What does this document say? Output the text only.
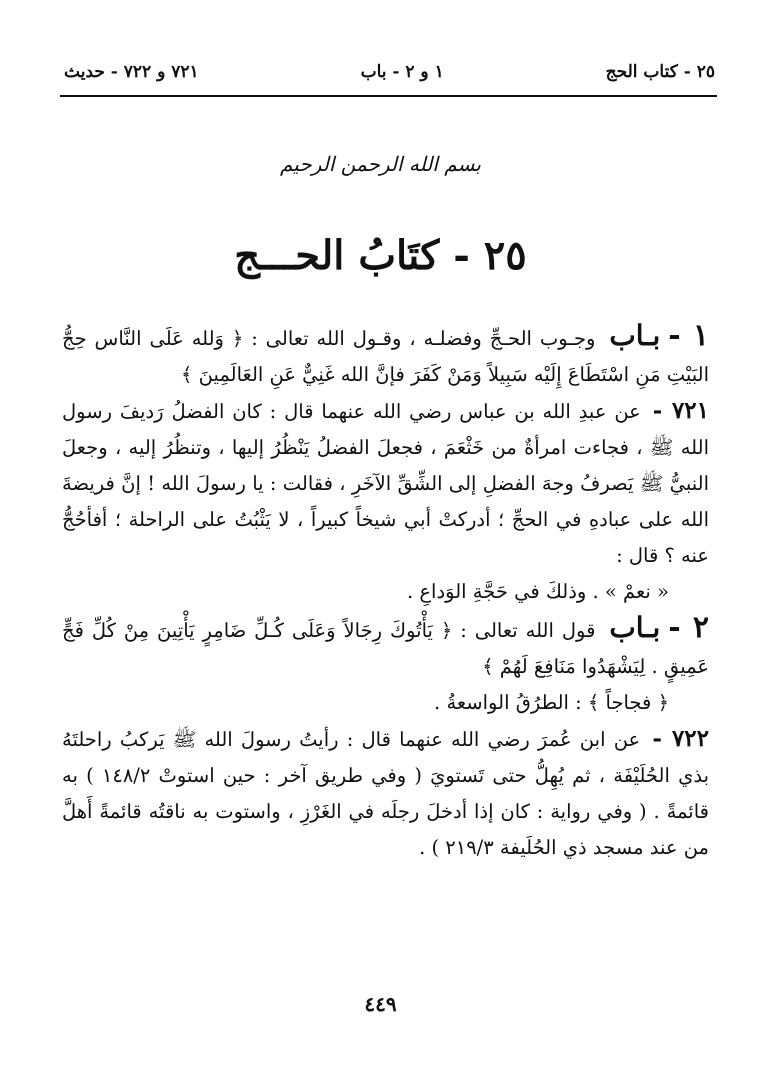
٢٥ - كتاب الحج
١ و ٢ - باب
٧٢١ و ٧٢٢ - حديث
بسم الله الرحمن الرحيم
٢٥ - كتَابُ الحـــج

١ -بـاب وجـوب الحـجِّ وفضلـه ، وقـول الله تعالى : ﴿ وَلله عَلَى النَّاس حِجُّ البَيْتِ مَنِ اسْتَطَاعَ إِلَيْه سَبِيلاً وَمَنْ كَفَرَ فإنَّ الله غَنِيٌّ عَنِ العَالَمِينَ ﴾

٧٢١ - عن عبدِ الله بن عباس رضي الله عنهما قال : كان الفضلُ رَديفَ رسول الله ﷺ ، فجاءت امرأةٌ من خَثْعَمَ ، فجعلَ الفضلُ يَنْظُرُ إليها ، وتنظُرُ إليه ، وجعلَ النبيُّ ﷺ يَصرفُ وجهَ الفضلِ إلى الشِّقِّ الآخَرِ ، فقالت : يا رسولَ الله ! إنَّ فريضةَ الله على عبادهِ في الحجِّ ؛ أدركتْ أبي شيخاً كبيراً ، لا يَثْبُتُ على الراحلة ؛ أفأحُجُّ عنه ؟ قال :

« نعمْ » . وذلكَ في حَجَّةِ الوَداعِ .

٢ -بـاب قول الله تعالى : ﴿ يَأْتُوكَ رِجَالاً وَعَلَى كُـلِّ ضَامِرٍ يَأْتِينَ مِنْ كُلِّ فَجٍّ عَمِيقٍ . لِيَشْهَدُوا مَنَافِعَ لَهُمْ ﴾

﴿ فجاجاً ﴾ : الطرُقُ الواسعةُ .

٧٢٢ - عن ابن عُمرَ رضي الله عنهما قال : رأيتُ رسولَ الله ﷺ يَركبُ راحلتَهُ بذي الحُلَيْفَة ، ثم يُهِلُّ حتى تَستويَ ( وفي طريق آخر : حين استوتْ ١٤٨/٢ ) به قائمةً . ( وفي رواية : كان إذا أدخلَ رجلَه في الغَرْزِ ، واستوت به ناقتُه قائمةً أَهلَّ من عند مسجد ذي الحُلَيفة ٢١٩/٣ ) .

٤٤٩
